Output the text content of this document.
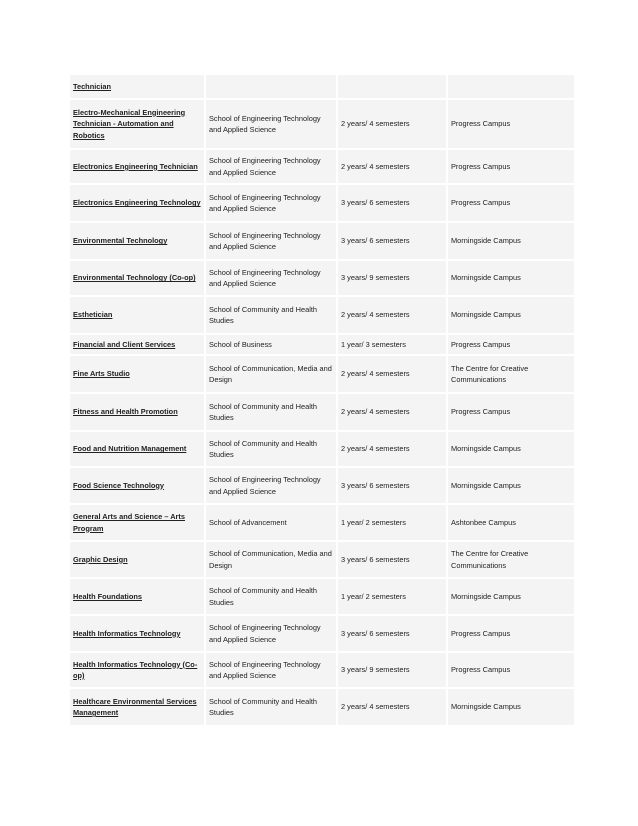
Technician			
Electro-Mechanical Engineering Technician - Automation and Robotics	School of Engineering Technology and Applied Science	2 years/ 4 semesters	Progress Campus
Electronics Engineering Technician	School of Engineering Technology and Applied Science	2 years/ 4 semesters	Progress Campus
Electronics Engineering Technology	School of Engineering Technology and Applied Science	3 years/ 6 semesters	Progress Campus
Environmental Technology	School of Engineering Technology and Applied Science	3 years/ 6 semesters	Morningside Campus
Environmental Technology (Co-op)	School of Engineering Technology and Applied Science	3 years/ 9 semesters	Morningside Campus
Esthetician	School of Community and Health Studies	2 years/ 4 semesters	Morningside Campus
Financial and Client Services	School of Business	1 year/ 3 semesters	Progress Campus
Fine Arts Studio	School of Communication, Media and Design	2 years/ 4 semesters	The Centre for Creative Communications
Fitness and Health Promotion	School of Community and Health Studies	2 years/ 4 semesters	Progress Campus
Food and Nutrition Management	School of Community and Health Studies	2 years/ 4 semesters	Morningside Campus
Food Science Technology	School of Engineering Technology and Applied Science	3 years/ 6 semesters	Morningside Campus
General Arts and Science – Arts Program	School of Advancement	1 year/ 2 semesters	Ashtonbee Campus
Graphic Design	School of Communication, Media and Design	3 years/ 6 semesters	The Centre for Creative Communications
Health Foundations	School of Community and Health Studies	1 year/ 2 semesters	Morningside Campus
Health Informatics Technology	School of Engineering Technology and Applied Science	3 years/ 6 semesters	Progress Campus
Health Informatics Technology (Co-op)	School of Engineering Technology and Applied Science	3 years/ 9 semesters	Progress Campus
Healthcare Environmental Services Management	School of Community and Health Studies	2 years/ 4 semesters	Morningside Campus
